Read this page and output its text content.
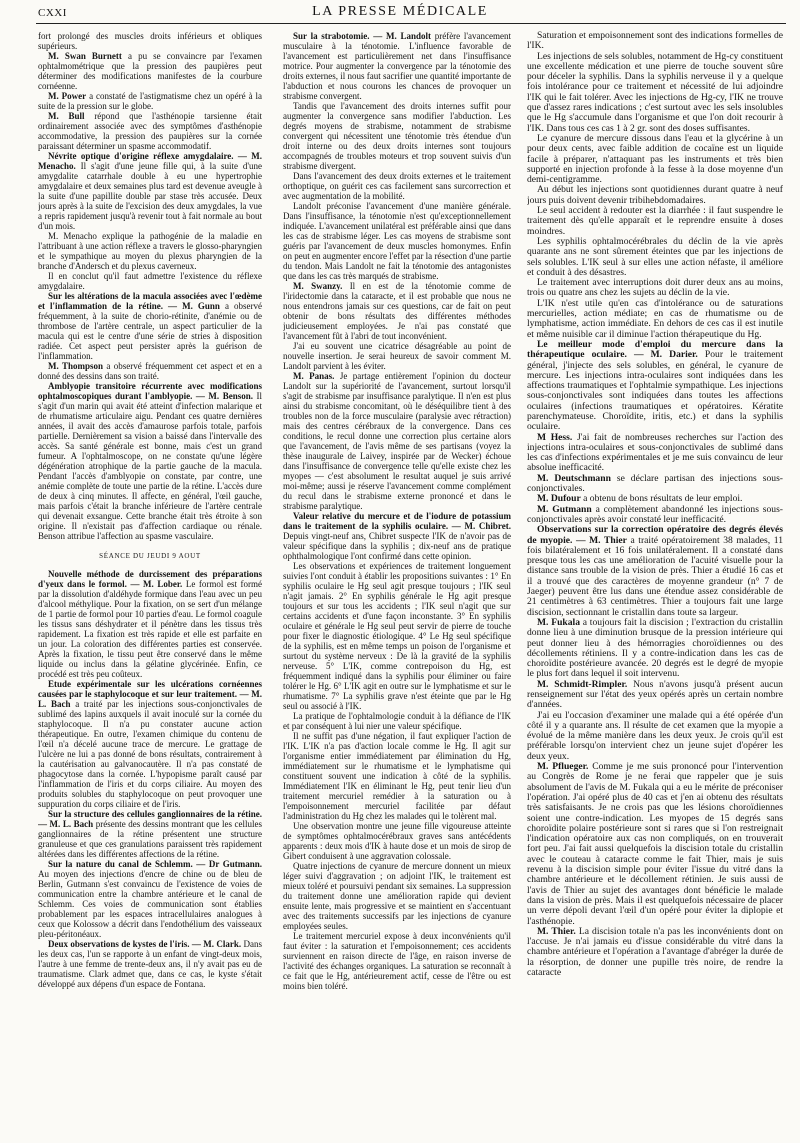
CXXI	LA PRESSE MÉDICALE

fort prolongé des muscles droits inférieurs et obliques supérieurs.

M. Swan Burnett a pu se convaincre par l'examen ophtalmométrique que la pression des paupières peut déterminer des modifications manifestes de la courbure cornéenne.

M. Power a constaté de l'astigmatisme chez un opéré à la suite de la pression sur le globe.

M. Bull répond que l'asthénopie tarsienne était ordinairement associée avec des symptômes d'asthénopie accommodative, la pression des paupières sur la cornée paraissant déterminer un spasme accommodatif.

Névrite optique d'origine réflexe amygdalaire. — M. Menacho. Il s'agit d'une jeune fille qui, à la suite d'une amygdalite catarrhale double à eu une hypertrophie amygdalaire et deux semaines plus tard est devenue aveugle à la suite d'une papillite double par stase très accusée. Deux jours après à la suite de l'excision des deux amygdales, la vue a repris rapidement jusqu'à revenir tout à fait normale au bout d'un mois.

M. Menacho explique la pathogénie de la maladie en l'attribuant à une action réflexe a travers le glosso-pharyngien et le sympathique au moyen du plexus pharyngien de la branche d'Andersch et du plexus caverneux.

Il en conclut qu'il faut admettre l'existence du réflexe amygdalaire.

Sur les altérations de la macula associées avec l'œdème et l'inflammation de la rétine. — M. Gunn a observé fréquemment, à la suite de chorio-rétinite, d'anémie ou de thrombose de l'artère centrale, un aspect particulier de la macula qui est le centre d'une série de stries à disposition radiée. Cet aspect peut persister après la guérison de l'inflammation.

M. Thompson a observé fréquemment cet aspect et en a donné des dessins dans son traité.

Amblyopie transitoire récurrente avec modifications ophtalmoscopiques durant l'amblyopie. — M. Benson. Il s'agit d'un marin qui avait été atteint d'infection malarique et de rhumatisme articulaire aigu. Pendant ces quatre dernières années, il avait des accès d'amaurose parfois totale, parfois partielle. Dernièrement sa vision a baissé dans l'intervalle des accès. Sa santé générale est bonne, mais c'est un grand fumeur. A l'ophtalmoscope, on ne constate qu'une légère dégénération atrophique de la partie gauche de la macula. Pendant l'accès d'amblyopie on constate, par contre, une anémie complète de toute une partie de la rétine. L'accès dure de deux à cinq minutes. Il affecte, en général, l'œil gauche, mais parfois c'était la branche inférieure de l'artère centrale qui devenait exsangue. Cette branche était très étroite à son origine. Il n'existait pas d'affection cardiaque ou rénale. Benson attribue l'affection au spasme vasculaire.

SÉANCE DU JEUDI 9 AOUT

Nouvelle méthode de durcissement des préparations d'yeux dans le formol. — M. Lober. Le formol est formé par la dissolution d'aldéhyde formique dans l'eau avec un peu d'alcool méthylique. Pour la fixation, on se sert d'un mélange de 1 partie de formol pour 10 parties d'eau. Le formol coagule les tissus sans déshydrater et il pénètre dans les tissus très rapidement. La fixation est très rapide et elle est parfaite en un jour. La coloration des différentes parties est conservée. Après la fixation, le tissu peut être conservé dans le même liquide ou inclus dans la gélatine glycérinée. Enfin, ce procédé est très peu coûteux.

Etude expérimentale sur les ulcérations cornéennes causées par le staphylocoque et sur leur traitement. — M. L. Bach a traité par les injections sous-conjonctivales de sublimé des lapins auxquels il avait inoculé sur la cornée du staphylocoque. Il n'a pu constater aucune action thérapeutique. En outre, l'examen chimique du contenu de l'œil n'a décelé aucune trace de mercure. Le grattage de l'ulcère ne lui a pas donné de bons résultats, contrairement à la cautérisation au galvanocautère. Il n'a pas constaté de phagocytose dans la cornée. L'hypopisme paraît causé par l'inflammation de l'iris et du corps ciliaire. Au moyen des produits solubles du staphylocoque on peut provoquer une suppuration du corps ciliaire et de l'iris.

Sur la structure des cellules ganglionnaires de la rétine. — M. L. Bach présente des dessins montrant que les cellules ganglionnaires de la rétine présentent une structure granuleuse et que ces granulations paraissent très rapidement altérées dans les différentes affections de la rétine.

Sur la nature du canal de Schlemm. — Dr Gutmann. Au moyen des injections d'encre de chine ou de bleu de Berlin, Gutmann s'est convaincu de l'existence de voies de communication entre la chambre antérieure et le canal de Schlemm. Ces voies de communication sont établies probablement par les espaces intracellulaires analogues à ceux que Kolossow a décrit dans l'endothélium des vaisseaux pleu-péritonéaux.

Deux observations de kystes de l'iris. — M. Clark. Dans les deux cas, l'un se rapporte à un enfant de vingt-deux mois, l'autre à une femme de trente-deux ans, il n'y avait pas eu de traumatisme. Clark admet que, dans ce cas, le kyste s'était développé aux dépens d'un espace de Fontana.

Sur la strabotomie. — M. Landolt préfère l'avancement musculaire à la ténotomie. L'influence favorable de l'avancement est particulièrement net dans l'insuffisance motrice. Pour augmenter la convergence par la ténotomie des droits externes, il nous faut sacrifier une quantité importante de l'abduction et nous courons les chances de provoquer un strabisme convergent.

Tandis que l'avancement des droits internes suffit pour augmenter la convergence sans modifier l'abduction. Les degrés moyens de strabisme, notamment de strabisme convergent qui nécessitent une ténotomie très étendue d'un droit interne ou des deux droits internes sont toujours accompagnés de troubles moteurs et trop souvent suivis d'un strabisme divergent.

Dans l'avancement des deux droits externes et le traitement orthoptique, on guérit ces cas facilement sans surcorrection et avec augmentation de la mobilité.

Landolt préconise l'avancement d'une manière générale. Dans l'insuffisance, la ténotomie n'est qu'exceptionnellement indiquée. L'avancement unilatéral est préférable ainsi que dans les cas de strabisme léger. Les cas moyens de strabisme sont guéris par l'avancement de deux muscles homonymes. Enfin on peut en augmenter encore l'effet par la résection d'une partie du tendon. Mais Landolt ne fait la ténotomie des antagonistes que dans les cas très marqués de strabisme.

M. Swanzy. Il en est de la ténotomie comme de l'iridectomie dans la cataracte, et il est probable que nous ne nous entendrons jamais sur ces questions, car de fait on peut obtenir de bons résultats des différentes méthodes judicieusement employées. Je n'ai pas constaté que l'avancement fût à l'abri de tout inconvénient.

J'ai eu souvent une cicatrice désagréable au point de nouvelle insertion. Je serai heureux de savoir comment M. Landolt parvient à les éviter.

M. Panas. Je partage entièrement l'opinion du docteur Landolt sur la supériorité de l'avancement, surtout lorsqu'il s'agit de strabisme par insuffisance paralytique. Il n'en est plus ainsi du strabisme concomitant, où le déséquilibre tient à des troubles non de la force musculaire (paralysie avec rétraction) mais des centres cérébraux de la convergence. Dans ces conditions, le recul donne une correction plus certaine alors que l'avancement, de l'avis même de ses partisans (voyez la thèse inaugurale de Laivey, inspirée par de Wecker) échoue dans l'insuffisance de convergence telle qu'elle existe chez les myopes — c'est absolument le resultat auquel je suis arrivé moi-même; aussi je réserve l'avancement comme complément du recul dans le strabisme externe prononcé et dans le strabisme paralytique.

Valeur relative du mercure et de l'iodure de potassium dans le traitement de la syphilis oculaire. — M. Chibret. Depuis vingt-neuf ans, Chibret suspecte l'IK de n'avoir pas de valeur spécifique dans la syphilis ; dix-neuf ans de pratique ophthalmologique l'ont confirmé dans cette opinion.

Les observations et expériences de traitement longuement suivies l'ont conduit à établir les propositions suivantes : 1° En syphilis oculaire le Hg seul agit presque toujours ; l'IK seul n'agit jamais. 2° En syphilis générale le Hg agit presque toujours et sur tous les accidents ; l'IK seul n'agit que sur certains accidents et d'une façon inconstante. 3° En syphilis oculaire et générale le Hg seul peut servir de pierre de touche pour fixer le diagnostic étiologique. 4° Le Hg seul spécifique de la syphilis, est en même temps un poison de l'organisme et surtout du système nerveux : De là la gravité de la syphilis nerveuse. 5° L'IK, comme contrepoison du Hg, est fréquemment indiqué dans la syphilis pour éliminer ou faire tolérer le Hg. 6° L'IK agit en outre sur le lymphatisme et sur le rhumatisme. 7° La syphilis grave n'est éteinte que par le Hg seul ou associé à l'IK.

La pratique de l'ophtalmologie conduit à la défiance de l'IK et par conséquent à lui nier une valeur spécifique.

Il ne suffit pas d'une négation, il faut expliquer l'action de l'IK. L'IK n'a pas d'action locale comme le Hg. Il agit sur l'organisme entier immédiatement par élimination du Hg, immédiatement sur le rhumatisme et le lymphatisme qui constituent souvent une indication à côté de la syphilis. Immédiatement l'IK en éliminant le Hg, peut tenir lieu d'un traitement mercuriel remédier à la saturation ou à l'empoisonnement mercuriel facilitée par défaut l'administration du Hg chez les malades qui le tolèrent mal.

Une observation montre une jeune fille vigoureuse atteinte de symptômes ophtalmocérébraux graves sans antécédents apparents : deux mois d'IK à haute dose et un mois de sirop de Gibert conduisent à une aggravation colossale.

Quatre injections de cyanure de mercure donnent un mieux léger suivi d'aggravation ; on adjoint l'IK, le traitement est mieux toléré et poursuivi pendant six semaines. La suppression du traitement donne une amélioration rapide qui devient ensuite lente, mais progressive et se maintient en s'accentuant avec des traitements successifs par les injections de cyanure employées seules.

Le traitement mercuriel expose à deux inconvénients qu'il faut éviter : la saturation et l'empoisonnement; ces accidents surviennent en raison directe de l'âge, en raison inverse de l'activité des échanges organiques. La saturation se reconnaît à ce fait que le Hg, antérieurement actif, cesse de l'être ou est moins bien toléré.

Saturation et empoisonnement sont des indications formelles de l'IK.

Les injections de sels solubles, notamment de Hg-cy constituent une excellente médication et une pierre de touche souvent sûre pour déceler la syphilis. Dans la syphilis nerveuse il y a quelque fois intolérance pour ce traitement et nécessité de lui adjoindre l'IK qui le fait tolérer. Avec les injections de Hg-cy, l'IK ne trouve que d'assez rares indications ; c'est surtout avec les sels insolubles que le Hg s'accumule dans l'organisme et que l'on doit recourir à l'IK. Dans tous ces cas 1 à 2 gr. sont des doses suffisantes.

Le cyanure de mercure dissous dans l'eau et la glycérine à un pour deux cents, avec faible addition de cocaïne est un liquide facile à préparer, n'attaquant pas les instruments et très bien supporté en injection profonde à la fesse à la dose moyenne d'un demi-centigramme.

Au début les injections sont quotidiennes durant quatre à neuf jours puis doivent devenir tribihebdomadaires.

Le seul accident à redouter est la diarrhée : il faut suspendre le traitement dès qu'elle apparaît et le reprendre ensuite à doses moindres.

Les syphilis ophtalmocérébrales du déclin de la vie après quarante ans ne sont sûrement éteintes que par les injections de sels solubles. L'IK seul à sur elles une action néfaste, il améliore et conduit à des désastres.

Le traitement avec interruptions doit durer deux ans au moins, trois ou quatre ans chez les sujets au déclin de la vie.

L'IK n'est utile qu'en cas d'intolérance ou de saturations mercurielles, action médiate; en cas de rhumatisme ou de lymphatisme, action immédiate. En dehors de ces cas il est inutile et même nuisible car il diminue l'action thérapeutique du Hg.

Le meilleur mode d'emploi du mercure dans la thérapeutique oculaire. — M. Darier. Pour le traitement général, j'injecte des sels solubles, en général, le cyanure de mercure. Les injections intra-oculaires sont indiquées dans les affections traumatiques et l'ophtalmie sympathique. Les injections sous-conjonctivales sont indiquées dans toutes les affections oculaires (infections traumatiques et opératoires. Kératite parenchymateuse. Choroïdite, iritis, etc.) et dans la syphilis oculaire.

M Hess. J'ai fait de nombreuses recherches sur l'action des injections intra-oculaires et sous-conjonctivales de sublimé dans les cas d'infections expérimentales et je me suis convaincu de leur absolue inefficacité.

M. Deutschmann se déclare partisan des injections sous-conjonctivales.

M. Dufour a obtenu de bons résultats de leur emploi.

M. Gutmann a complètement abandonné les injections sous-conjonctivales après avoir constaté leur inefficacité.

Observations sur la correction opératoire des degrés élevés de myopie. — M. Thier a traité opératoirement 38 malades, 11 fois bilatéralement et 16 fois unilatéralement. Il a constaté dans presque tous les cas une amélioration de l'acuité visuelle pour la distance sans trouble de la vision de près. Thier a étudié 16 cas et il a trouvé que des caractères de moyenne grandeur (n° 7 de Jaeger) peuvent être lus dans une étendue assez considérable de 21 centimètres à 63 centimètres. Thier a toujours fait une large discision, sectionnant le cristallin dans toute sa largeur.

M. Fukala a toujours fait la discision ; l'extraction du cristallin donne lieu à une diminution brusque de la pression intérieure qui peut donner lieu à des hémorragies choroïdiennes ou des décollements rétiniens. Il y a contre-indication dans les cas de choroïdite postérieure avancée. 20 degrés est le degré de myopie le plus fort dans lequel il soit intervenu.

M. Schmidt-Rimpler. Nous n'avons jusqu'à présent aucun renseignement sur l'état des yeux opérés après un certain nombre d'années.

J'ai eu l'occasion d'examiner une malade qui a été opérée d'un côté il y a quarante ans. Il résulte de cet examen que la myopie a évolué de la même manière dans les deux yeux. Je crois qu'il est préférable lorsqu'on intervient chez un jeune sujet d'opérer les deux yeux.

M. Pflueger. Comme je me suis prononcé pour l'intervention au Congrès de Rome je ne ferai que rappeler que je suis absolument de l'avis de M. Fukala qui a eu le mérite de préconiser l'opération. J'ai opéré plus de 40 cas et j'en ai obtenu des résultats très satisfaisants. Je ne crois pas que les lésions choroïdiennes soient une contre-indication. Les myopes de 15 degrés sans choroïdite polaire postérieure sont si rares que si l'on restreignait l'indication opératoire aux cas non compliqués, on en trouverait fort peu. J'ai fait aussi quelquefois la discision totale du cristallin avec le couteau à cataracte comme le fait Thier, mais je suis revenu à la discision simple pour éviter l'issue du vitré dans la chambre antérieure et le décollement rétinien. Je suis aussi de l'avis de Thier au sujet des avantages dont bénéficie le malade dans la vision de près. Mais il est quelquefois nécessaire de placer un verre dépoli devant l'œil d'un opéré pour éviter la diplopie et l'asthénopie.

M. Thier. La discision totale n'a pas les inconvénients dont on l'accuse. Je n'ai jamais eu d'issue considérable du vitré dans la chambre antérieure et l'opération a l'avantage d'abréger la durée de la résorption, de donner une pupille très noire, de rendre la cataracte
